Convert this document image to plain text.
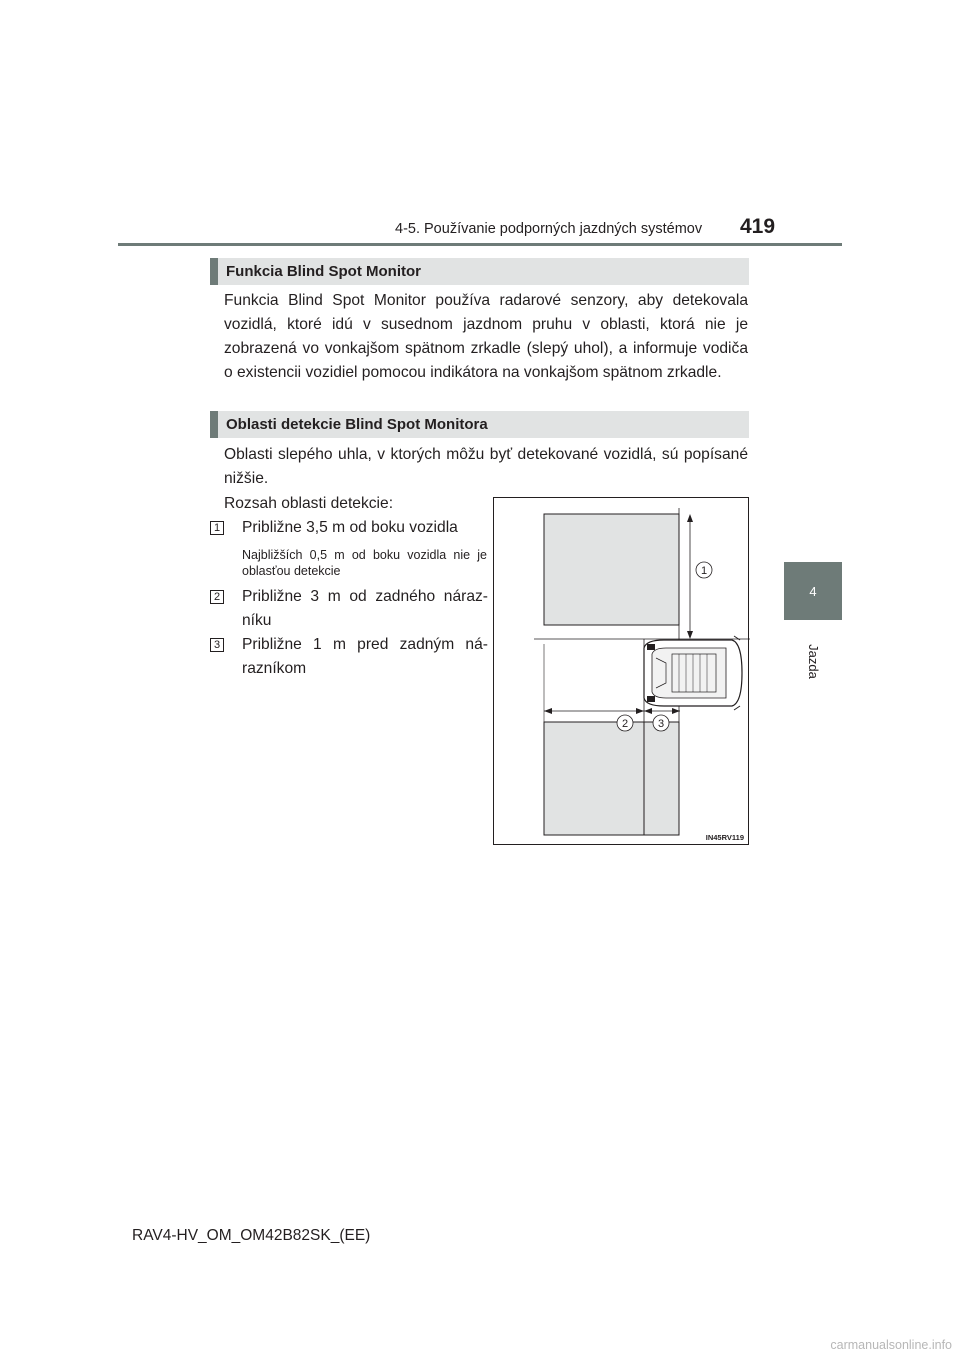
4-5. Používanie podporných jazdných systémov 419
4
Jazda
Funkcia Blind Spot Monitor

Funkcia Blind Spot Monitor používa radarové senzory, aby detekovala vozidlá, ktoré idú v susednom jazdnom pruhu v oblasti, ktorá nie je zobrazená vo vonkajšom spätnom zrkadle (slepý uhol), a informuje vodiča o existencii vozidiel pomocou indikátora na vonkajšom spätnom zrkadle.

Oblasti detekcie Blind Spot Monitora

Oblasti slepého uhla, v ktorých môžu byť detekované vozidlá, sú popísané nižšie.

Rozsah oblasti detekcie:

1 Približne 3,5 m od boku vozidla

Najbližších 0,5 m od boku vozidla nie je oblasťou detekcie

2 Približne 3 m od zadného nárazníku

3 Približne 1 m pred zadným nárazníkom

1
2	3
IN45RV119
RAV4-HV_OM_OM42B82SK_(EE)
carmanualsonline.info
